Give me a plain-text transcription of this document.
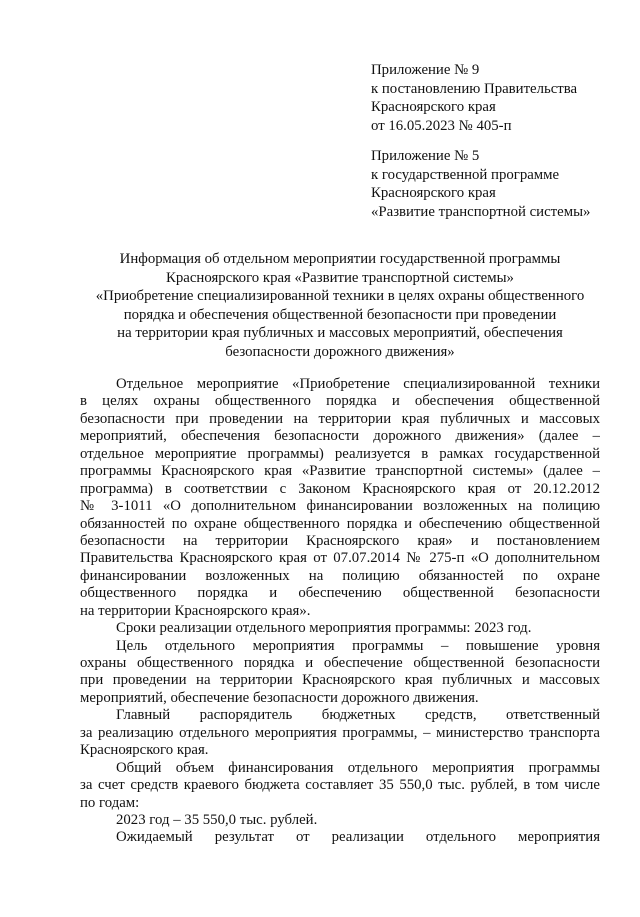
Приложение № 9
к постановлению Правительства
Красноярского края
от 16.05.2023 № 405-п
Приложение № 5
к государственной программе
Красноярского края
«Развитие транспортной системы»
Информация об отдельном мероприятии государственной программы
Красноярского края «Развитие транспортной системы»
«Приобретение специализированной техники в целях охраны общественного
порядка и обеспечения общественной безопасности при проведении
на территории края публичных и массовых мероприятий, обеспечения
безопасности дорожного движения»
Отдельное мероприятие «Приобретение специализированной техники
в целях охраны общественного порядка и обеспечения общественной
безопасности при проведении на территории края публичных и массовых
мероприятий, обеспечения безопасности дорожного движения» (далее –
отдельное мероприятие программы) реализуется в рамках государственной
программы Красноярского края «Развитие транспортной системы» (далее –
программа) в соответствии с Законом Красноярского края от 20.12.2012
№ 3-1011 «О дополнительном финансировании возложенных на полицию
обязанностей по охране общественного порядка и обеспечению общественной
безопасности на территории Красноярского края» и постановлением
Правительства Красноярского края от 07.07.2014 № 275-п «О дополнительном
финансировании возложенных на полицию обязанностей по охране
общественного порядка и обеспечению общественной безопасности
на территории Красноярского края».
Сроки реализации отдельного мероприятия программы: 2023 год.
Цель отдельного мероприятия программы – повышение уровня
охраны общественного порядка и обеспечение общественной безопасности
при проведении на территории Красноярского края публичных и массовых
мероприятий, обеспечение безопасности дорожного движения.
Главный распорядитель бюджетных средств, ответственный
за реализацию отдельного мероприятия программы, – министерство транспорта
Красноярского края.
Общий объем финансирования отдельного мероприятия программы
за счет средств краевого бюджета составляет 35 550,0 тыс. рублей, в том числе
по годам:
2023 год – 35 550,0 тыс. рублей.
Ожидаемый результат от реализации отдельного мероприятия
